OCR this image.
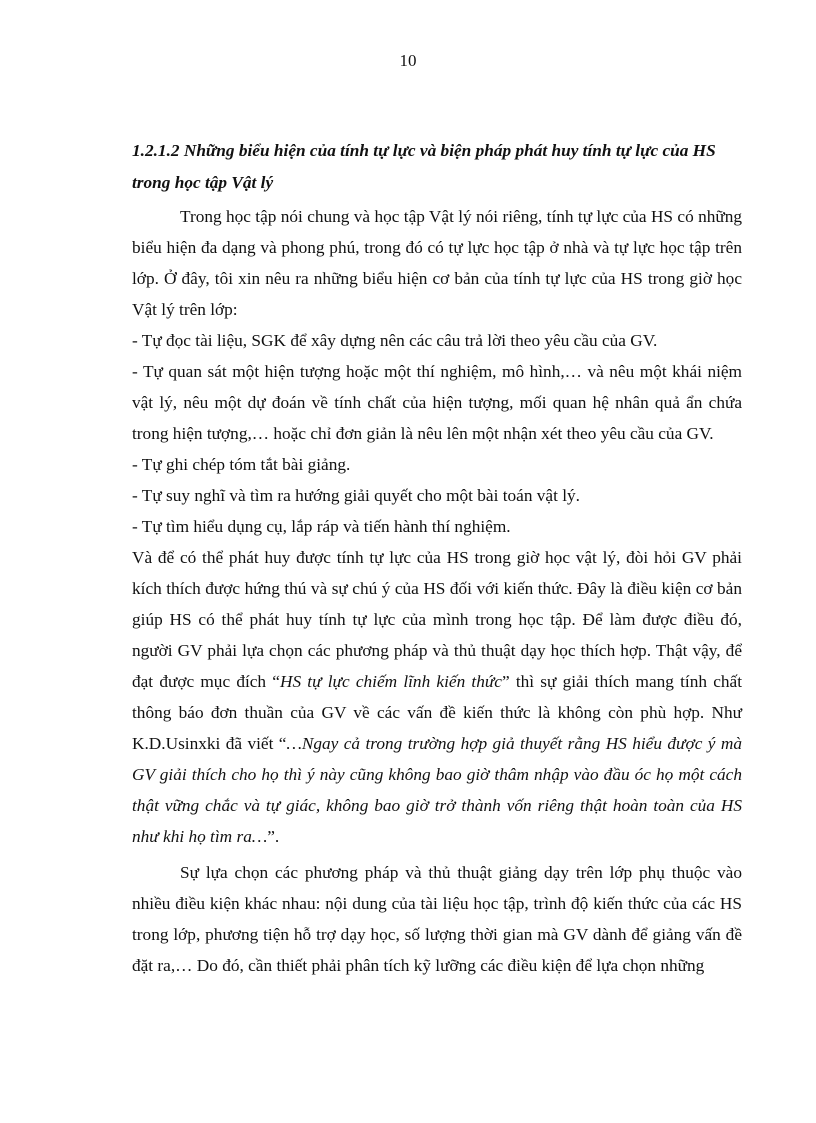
10

1.2.1.2 Những biểu hiện của tính tự lực và biện pháp phát huy tính tự lực của HS trong học tập Vật lý

Trong học tập nói chung và học tập Vật lý nói riêng, tính tự lực của HS có những biểu hiện đa dạng và phong phú, trong đó có tự lực học tập ở nhà và tự lực học tập trên lớp. Ở đây, tôi xin nêu ra những biểu hiện cơ bản của tính tự lực của HS trong giờ học Vật lý trên lớp:

- Tự đọc tài liệu, SGK để xây dựng nên các câu trả lời theo yêu cầu của GV.
- Tự quan sát một hiện tượng hoặc một thí nghiệm, mô hình,… và nêu một khái niệm vật lý, nêu một dự đoán về tính chất của hiện tượng, mối quan hệ nhân quả ẩn chứa trong hiện tượng,… hoặc chỉ đơn giản là nêu lên một nhận xét theo yêu cầu của GV.
- Tự ghi chép tóm tắt bài giảng.
- Tự suy nghĩ và tìm ra hướng giải quyết cho một bài toán vật lý.
- Tự tìm hiểu dụng cụ, lắp ráp và tiến hành thí nghiệm.

Và để có thể phát huy được tính tự lực của HS trong giờ học vật lý, đòi hỏi GV phải kích thích được hứng thú và sự chú ý của HS đối với kiến thức. Đây là điều kiện cơ bản giúp HS có thể phát huy tính tự lực của mình trong học tập. Để làm được điều đó, người GV phải lựa chọn các phương pháp và thủ thuật dạy học thích hợp. Thật vậy, để đạt được mục đích “HS tự lực chiếm lĩnh kiến thức” thì sự giải thích mang tính chất thông báo đơn thuần của GV về các vấn đề kiến thức là không còn phù hợp. Như K.D.Usinxki đã viết “…Ngay cả trong trường hợp giả thuyết rằng HS hiểu được ý mà GV giải thích cho họ thì ý này cũng không bao giờ thâm nhập vào đầu óc họ một cách thật vững chắc và tự giác, không bao giờ trở thành vốn riêng thật hoàn toàn của HS như khi họ tìm ra…”.

Sự lựa chọn các phương pháp và thủ thuật giảng dạy trên lớp phụ thuộc vào nhiều điều kiện khác nhau: nội dung của tài liệu học tập, trình độ kiến thức của các HS trong lớp, phương tiện hỗ trợ dạy học, số lượng thời gian mà GV dành để giảng vấn đề đặt ra,… Do đó, cần thiết phải phân tích kỹ lưỡng các điều kiện để lựa chọn những
